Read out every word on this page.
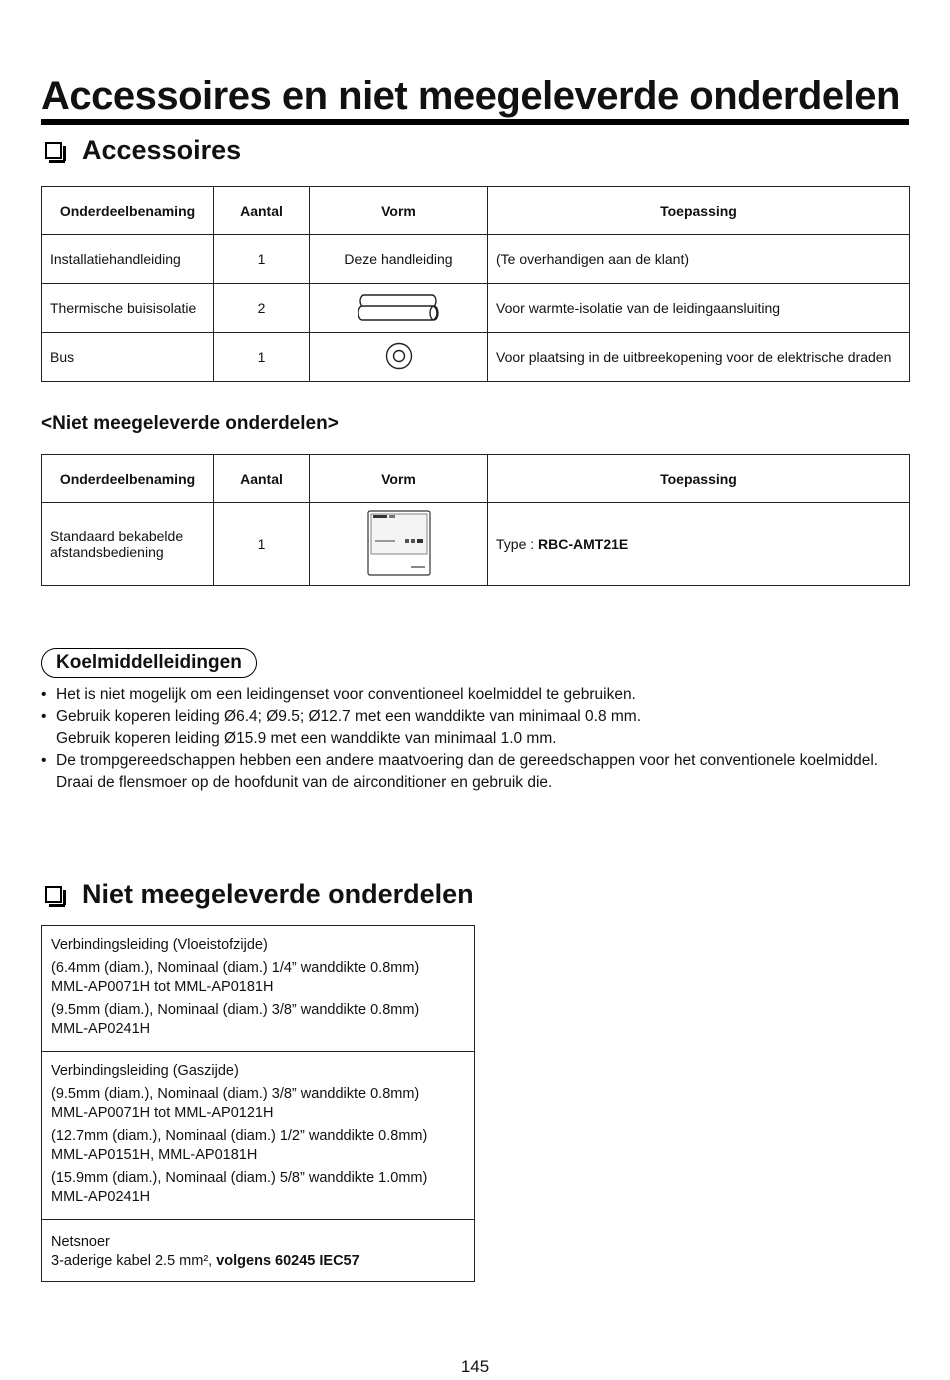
Accessoires en niet meegeleverde onderdelen
Accessoires
Onderdeelbenaming	Aantal	Vorm	Toepassing
Installatiehandleiding	1	Deze handleiding	(Te overhandigen aan de klant)
Thermische buisisolatie	2		Voor warmte-isolatie van de leidingaansluiting
Bus	1		Voor plaatsing in de uitbreekopening voor de elektrische draden
<Niet meegeleverde onderdelen>
Onderdeelbenaming	Aantal	Vorm	Toepassing

Standaard bekabelde
afstandsbediening	1		Type : RBC-AMT21E
Koelmiddelleidingen
• Het is niet mogelijk om een leidingenset voor conventioneel koelmiddel te gebruiken.
• Gebruik koperen leiding Ø6.4; Ø9.5; Ø12.7 met een wanddikte van minimaal 0.8 mm.
Gebruik koperen leiding Ø15.9 met een wanddikte van minimaal 1.0 mm.
• De trompgereedschappen hebben een andere maatvoering dan de gereedschappen voor het conventionele koelmiddel.
Draai de flensmoer op de hoofdunit van de airconditioner en gebruik die.
Niet meegeleverde onderdelen
Verbindingsleiding (Vloeistofzijde)
(6.4mm (diam.), Nominaal (diam.) 1/4” wanddikte 0.8mm)
MML-AP0071H tot MML-AP0181H
(9.5mm (diam.), Nominaal (diam.) 3/8” wanddikte 0.8mm)
MML-AP0241H
Verbindingsleiding (Gaszijde)
(9.5mm (diam.), Nominaal (diam.) 3/8” wanddikte 0.8mm)
MML-AP0071H tot MML-AP0121H
(12.7mm (diam.), Nominaal (diam.) 1/2” wanddikte 0.8mm)
MML-AP0151H, MML-AP0181H
(15.9mm (diam.), Nominaal (diam.) 5/8” wanddikte 1.0mm)
MML-AP0241H
Netsnoer
3-aderige kabel 2.5 mm², volgens 60245 IEC57
145
